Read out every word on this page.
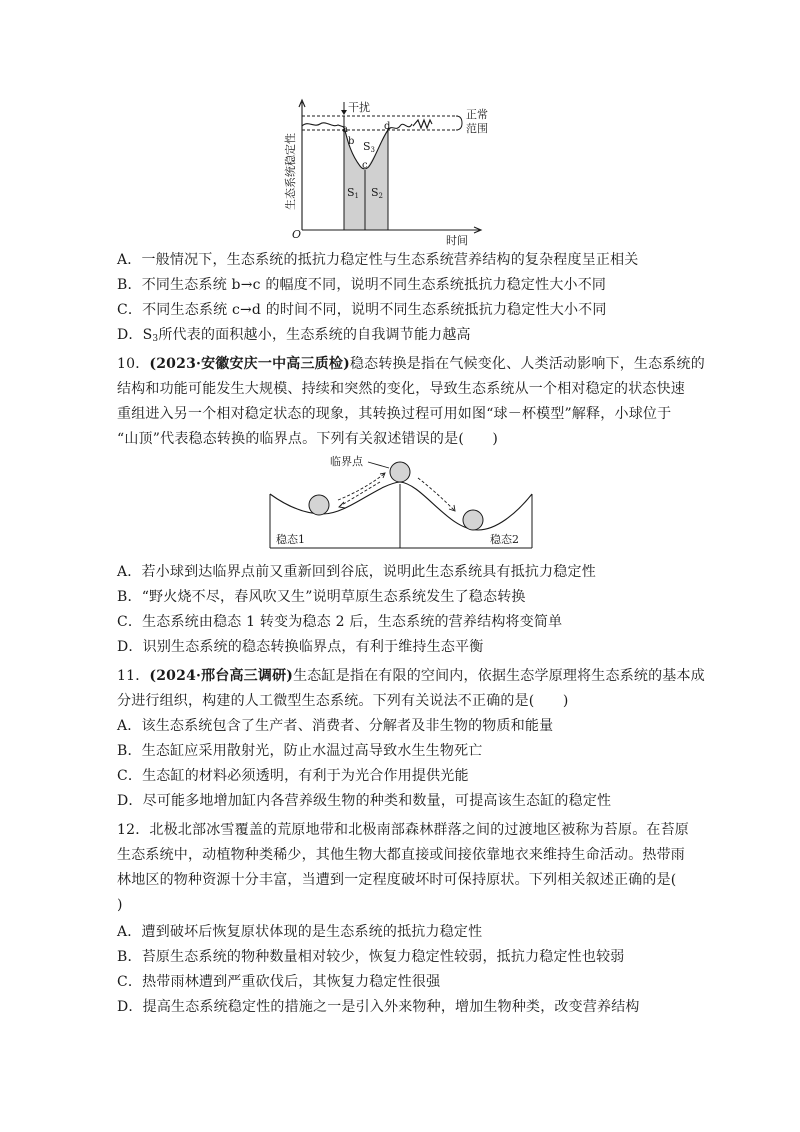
干扰
正常
范围
a
b
c
d
S3
S1 S2
O	时间
生态系统稳定性
A．一般情况下，生态系统的抵抗力稳定性与生态系统营养结构的复杂程度呈正相关
B．不同生态系统 b→c 的幅度不同，说明不同生态系统抵抗力稳定性大小不同
C．不同生态系统 c→d 的时间不同，说明不同生态系统抵抗力稳定性大小不同
D．$S_3$所代表的面积越小，生态系统的自我调节能力越高
10．(2023·安徽安庆一中高三质检)稳态转换是指在气候变化、人类活动影响下，生态系统的
结构和功能可能发生大规模、持续和突然的变化，导致生态系统从一个相对稳定的状态快速
重组进入另一个相对稳定状态的现象，其转换过程可用如图“球－杯模型”解释，小球位于
“山顶”代表稳态转换的临界点。下列有关叙述错误的是(　　)
临界点
稳态1	稳态2
A．若小球到达临界点前又重新回到谷底，说明此生态系统具有抵抗力稳定性
B．“野火烧不尽，春风吹又生”说明草原生态系统发生了稳态转换
C．生态系统由稳态 1 转变为稳态 2 后，生态系统的营养结构将变简单
D．识别生态系统的稳态转换临界点，有利于维持生态平衡
11．(2024·邢台高三调研)生态缸是指在有限的空间内，依据生态学原理将生态系统的基本成
分进行组织，构建的人工微型生态系统。下列有关说法不正确的是(　　)
A．该生态系统包含了生产者、消费者、分解者及非生物的物质和能量
B．生态缸应采用散射光，防止水温过高导致水生生物死亡
C．生态缸的材料必须透明，有利于为光合作用提供光能
D．尽可能多地增加缸内各营养级生物的种类和数量，可提高该生态缸的稳定性
12．北极北部冰雪覆盖的荒原地带和北极南部森林群落之间的过渡地区被称为苔原。在苔原
生态系统中，动植物种类稀少，其他生物大都直接或间接依靠地衣来维持生命活动。热带雨
林地区的物种资源十分丰富，当遭到一定程度破坏时可保持原状。下列相关叙述正确的是(
)
A．遭到破坏后恢复原状体现的是生态系统的抵抗力稳定性
B．苔原生态系统的物种数量相对较少，恢复力稳定性较弱，抵抗力稳定性也较弱
C．热带雨林遭到严重砍伐后，其恢复力稳定性很强
D．提高生态系统稳定性的措施之一是引入外来物种，增加生物种类，改变营养结构
